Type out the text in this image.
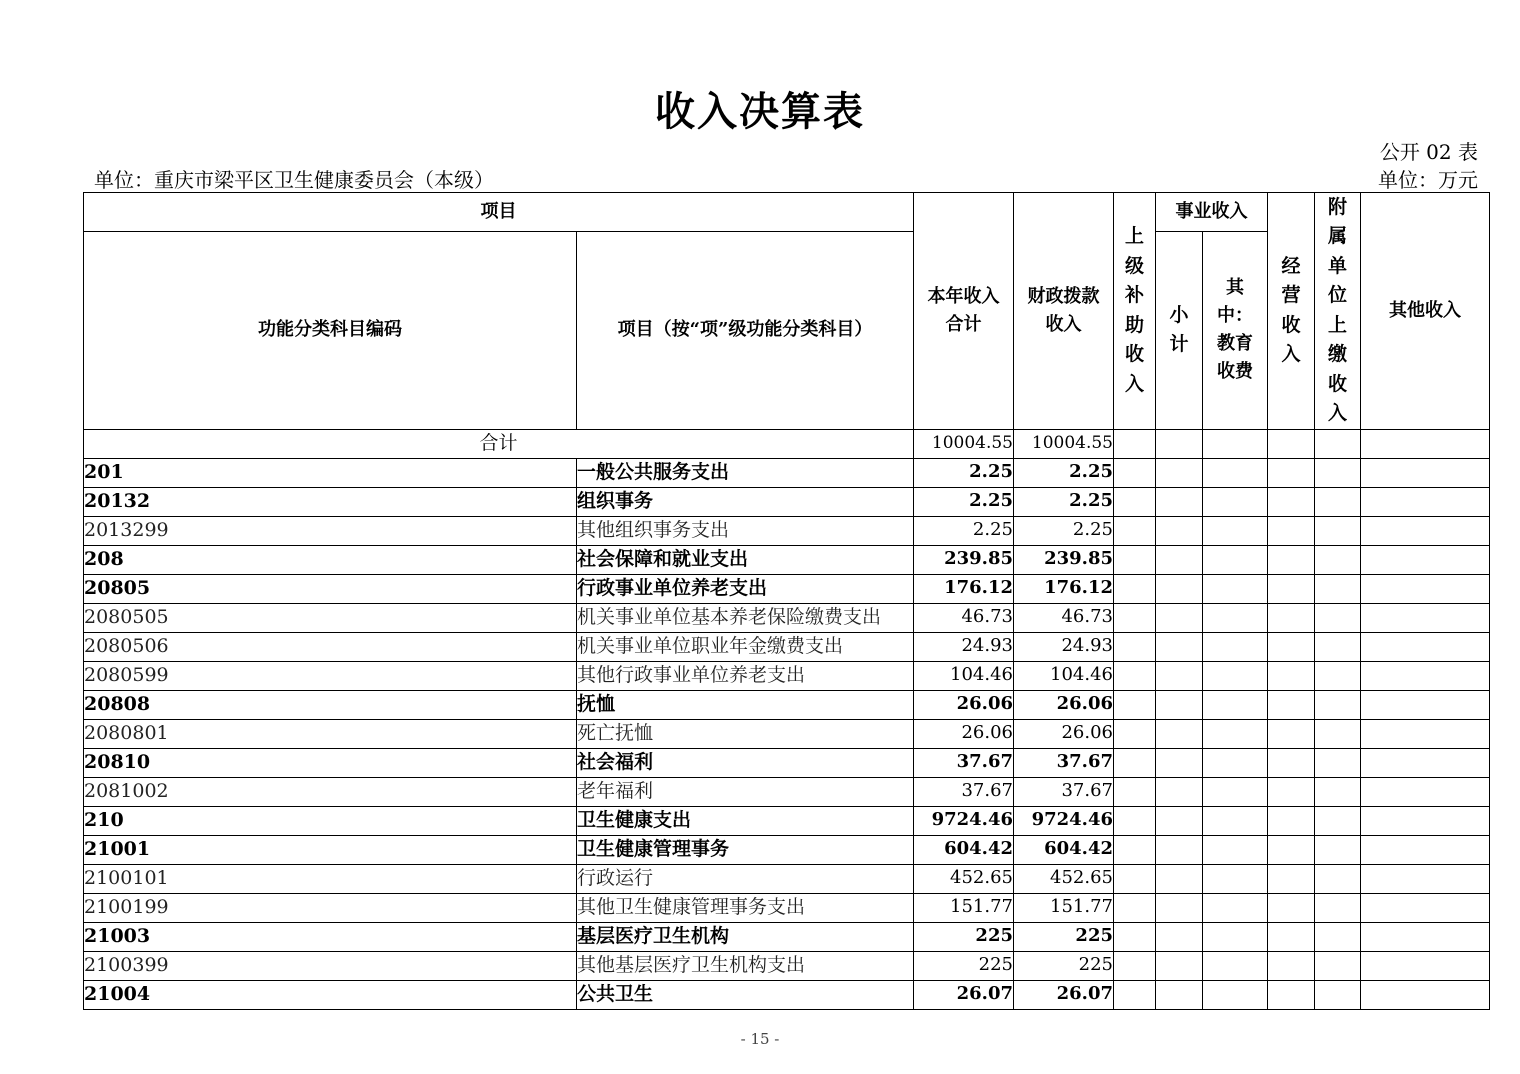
收入决算表
公开 02 表
单位：重庆市梁平区卫生健康委员会（本级）	单位：万元
项目		本年收入合计	财政拨款收入	上级补助收入	事业收入		经营收入	附属单位上缴收入	其他收入
功能分类科目编码	项目（按“项”级功能分类科目）				小计	其中：教育收费			

合计		10004.55	10004.55						
201	一般公共服务支出	2.25	2.25						
20132	组织事务	2.25	2.25						
2013299	其他组织事务支出	2.25	2.25						
208	社会保障和就业支出	239.85	239.85						
20805	行政事业单位养老支出	176.12	176.12						
2080505	机关事业单位基本养老保险缴费支出	46.73	46.73						
2080506	机关事业单位职业年金缴费支出	24.93	24.93						
2080599	其他行政事业单位养老支出	104.46	104.46						
20808	抚恤	26.06	26.06						
2080801	死亡抚恤	26.06	26.06						
20810	社会福利	37.67	37.67						
2081002	老年福利	37.67	37.67						
210	卫生健康支出	9724.46	9724.46						
21001	卫生健康管理事务	604.42	604.42						
2100101	行政运行	452.65	452.65						
2100199	其他卫生健康管理事务支出	151.77	151.77						
21003	基层医疗卫生机构	225	225						
2100399	其他基层医疗卫生机构支出	225	225						
21004	公共卫生	26.07	26.07						
- 15 -
